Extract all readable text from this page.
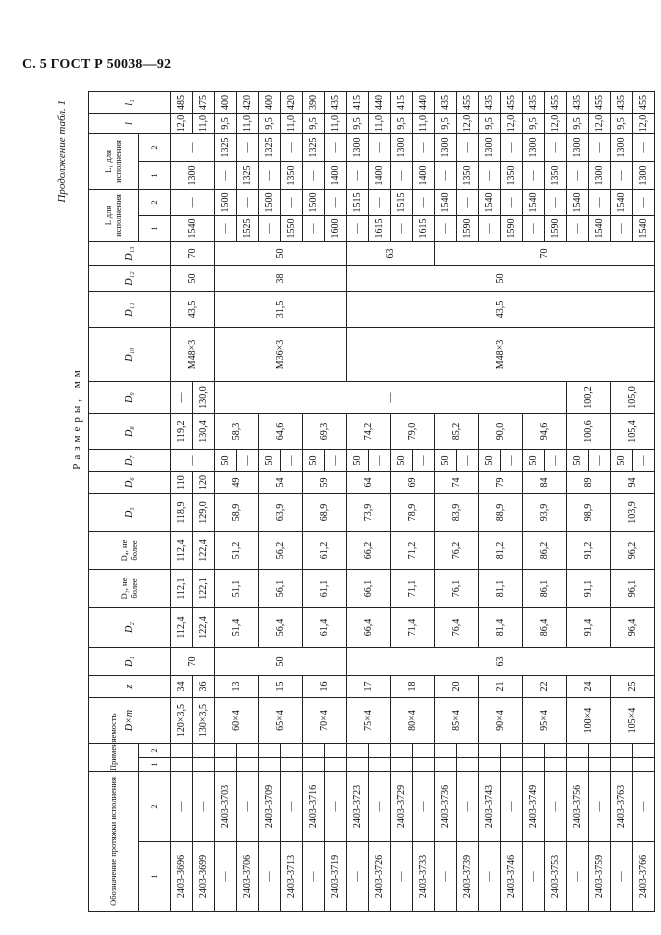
С. 5 ГОСТ Р 50038—92
Продолжение табл. 1
Размеры, мм
Обозначение протяжки исполнения		Применяемость		D×m	z	D₁	D₂	D₃, не более	D₄, не более	D₅	D₆	D₇	D₈	D₉	D₁₀	D₁₁	D₁₂	D₁₃	L для исполнения		L₁ для исполнения		l	l₁
1	2	1	2																1	2	1	2		
2403-3696	—			120×3,5	34	70	112,4	112,1	112,4	118,9	110	—	119,2	—	M48×3	43,5	50	70	1540	—	1300	—	12,0	485
2403-3699	—			130×3,5	36		122,4	122,1	122,4	129,0	120		130,4	130,0									11,0	475
—	2403-3703			60×4	13	50	51,4	51,1	51,2	58,9	49	50	58,3	—	M36×3	31,5	38	50	—	1500	—	1325	9,5	400
2403-3706	—											—							1525	—	1325	—	11,0	420
—	2403-3709			65×4	15		56,4	56,1	56,2	63,9	54	50	64,6						—	1500	—	1325	9,5	400
2403-3713	—											—							1550	—	1350	—	11,0	420
—	2403-3716			70×4	16		61,4	61,1	61,2	68,9	59	50	69,3						—	1500	—	1325	9,5	390
2403-3719	—											—							1600	—	1400	—	11,0	435
—	2403-3723			75×4	17	63	66,4	66,1	66,2	73,9	64	50	74,2		M48×3	43,5	50	63	—	1515	—	1300	9,5	415
2403-3726	—											—							1615	—	1400	—	11,0	440
—	2403-3729			80×4	18		71,4	71,1	71,2	78,9	69	50	79,0						—	1515	—	1300	9,5	415
2403-3733	—											—							1615	—	1400	—	11,0	440
—	2403-3736			85×4	20		76,4	76,1	76,2	83,9	74	50	85,2					70	—	1540	—	1300	9,5	435
2403-3739	—											—							1590	—	1350	—	12,0	455
—	2403-3743			90×4	21		81,4	81,1	81,2	88,9	79	50	90,0						—	1540	—	1300	9,5	435
2403-3746	—											—							1590	—	1350	—	12,0	455
—	2403-3749			95×4	22		86,4	86,1	86,2	93,9	84	50	94,6						—	1540	—	1300	9,5	435
2403-3753	—											—							1590	—	1350	—	12,0	455
—	2403-3756			100×4	24		91,4	91,1	91,2	98,9	89	50	100,6	100,2					—	1540	—	1300	9,5	435
2403-3759	—											—							1540	—	1300	—	12,0	455
—	2403-3763			105×4	25		96,4	96,1	96,2	103,9	94	50	105,4	105,0					—	1540	—	1300	9,5	435
2403-3766	—											—							1540	—	1300	—	12,0	455
